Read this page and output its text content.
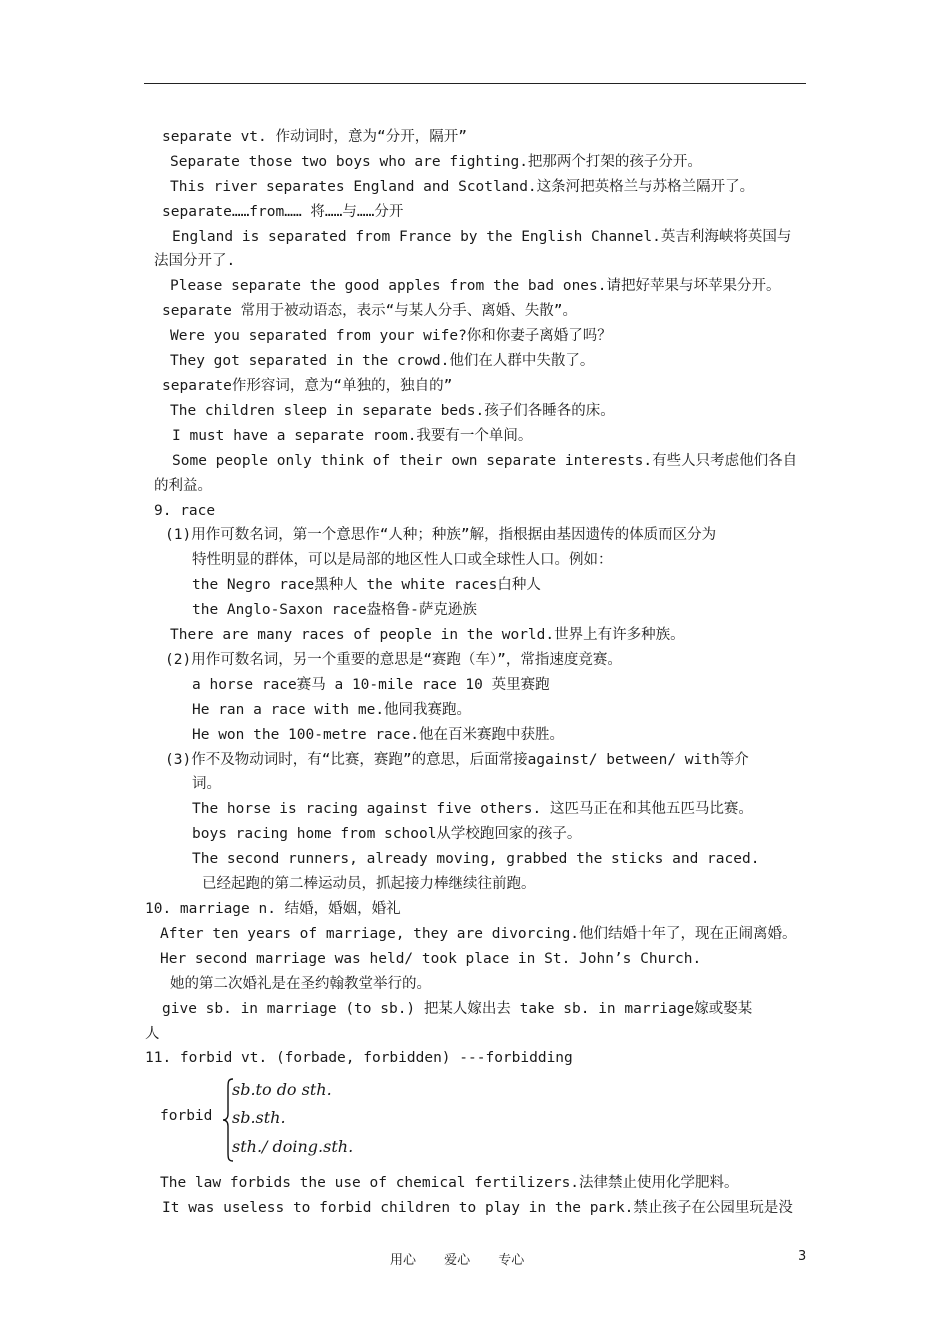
separate vt. 作动词时，意为“分开，隔开”
Separate those two boys who are fighting.把那两个打架的孩子分开。
This river separates England and Scotland.这条河把英格兰与苏格兰隔开了。
separate……from…… 将……与……分开
England is separated from France by the English Channel.英吉利海峡将英国与
法国分开了.
Please separate the good apples from the bad ones.请把好苹果与坏苹果分开。
separate 常用于被动语态，表示“与某人分手、离婚、失散”。
Were you separated from your wife?你和你妻子离婚了吗？
They got separated in the crowd.他们在人群中失散了。
separate作形容词，意为“单独的，独自的”
The children sleep in separate beds.孩子们各睡各的床。
I must have a separate room.我要有一个单间。
Some people only think of their own separate interests.有些人只考虑他们各自
的利益。
9. race
(1)用作可数名词，第一个意思作“人种；种族”解，指根据由基因遗传的体质而区分为
特性明显的群体，可以是局部的地区性人口或全球性人口。例如：
the Negro race黑种人 the white races白种人
the Anglo-Saxon race盎格鲁-萨克逊族
There are many races of people in the world.世界上有许多种族。
(2)用作可数名词，另一个重要的意思是“赛跑（车）”，常指速度竞赛。
a horse race赛马 a 10-mile race 10 英里赛跑
He ran a race with me.他同我赛跑。
He won the 100-metre race.他在百米赛跑中获胜。
(3)作不及物动词时，有“比赛，赛跑”的意思，后面常接against/ between/ with等介
词。
The horse is racing against five others. 这匹马正在和其他五匹马比赛。
boys racing home from school从学校跑回家的孩子。
The second runners, already moving, grabbed the sticks and raced.
已经起跑的第二棒运动员，抓起接力棒继续往前跑。
10. marriage n. 结婚，婚姻，婚礼
After ten years of marriage, they are divorcing.他们结婚十年了，现在正闹离婚。
Her second marriage was held/ took place in St. John’s Church.
她的第二次婚礼是在圣约翰教堂举行的。
give sb. in marriage (to sb.) 把某人嫁出去 take sb. in marriage嫁或娶某
人
11. forbid vt. (forbade, forbidden) ---forbidding
forbid
sb.to do sth.
sb.sth.
sth./ doing.sth.
The law forbids the use of chemical fertilizers.法律禁止使用化学肥料。
It was useless to forbid children to play in the park.禁止孩子在公园里玩是没
用心 爱心 专心	3
